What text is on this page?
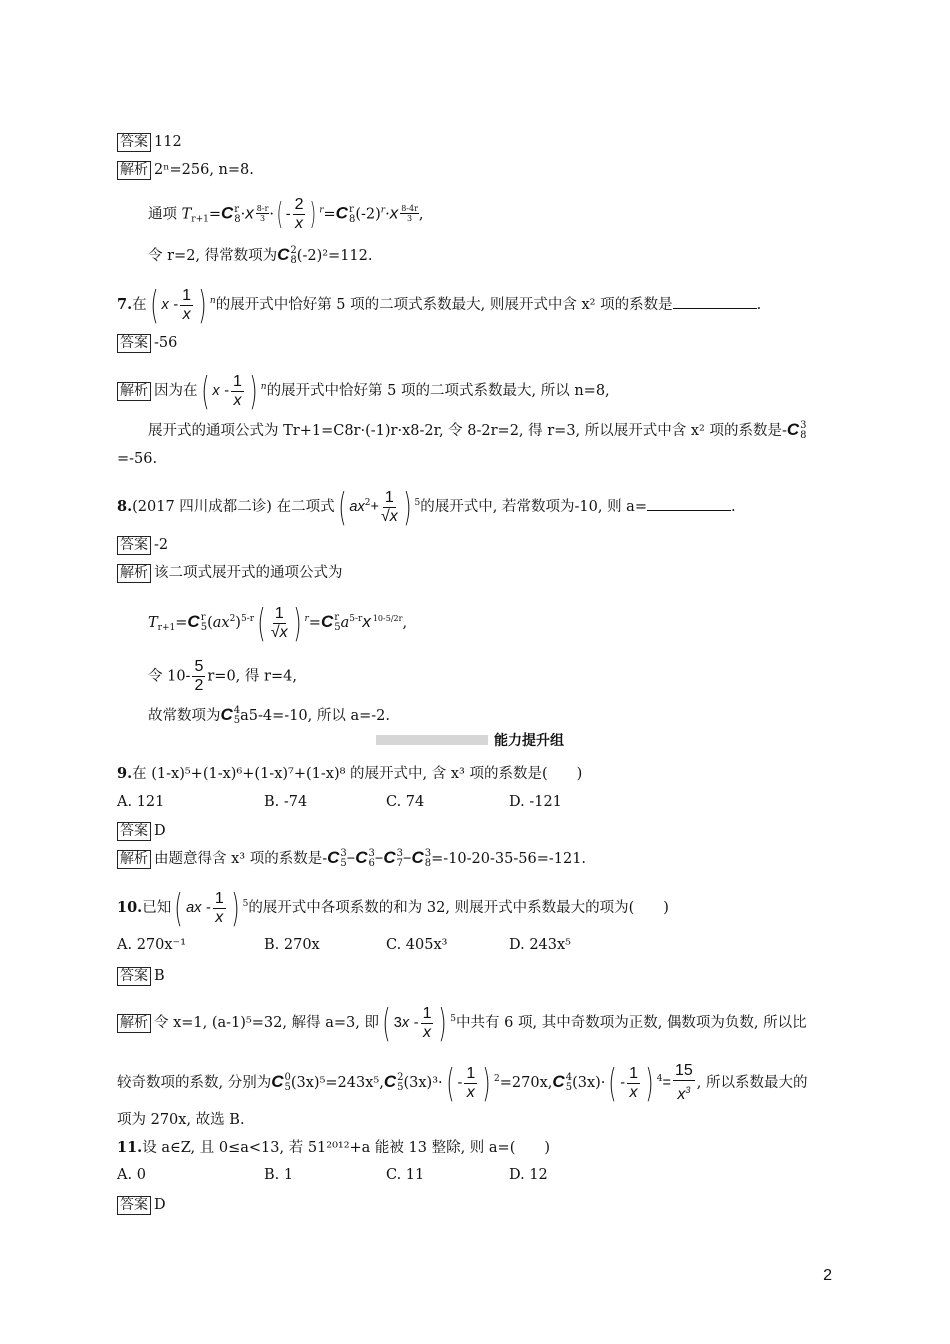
答案 112
解析 2ⁿ=256, n=8.
通项 $T_{r+1}=C$ r
$8 \cdot x \frac{8-r}{3}$ ·( - $\frac{2}{x}$ ) $^r$=C r
8 $(-2)^r\cdot x \frac{8-4r}{3}$ ,
令 r=2, 得常数项为C 2
8 (-2)²=112.
7.在( x - $\frac{1}{x}$ ) $^n$的展开式中恰好第 5 项的二项式系数最大, 则展开式中含 x² 项的系数是	.
答案 -56
解析 因为在( x - $\frac{1}{x}$ ) $^n$的展开式中恰好第 5 项的二项式系数最大, 所以 n=8,
展开式的通项公式为 Tr+1=C8r·(-1)r·x8-2r, 令 8-2r=2, 得 r=3, 所以展开式中含 x² 项的系数是-C 3
8
=-56.
8.(2017 四川成都二诊) 在二项式( $ax^2+ \frac{1}{√x}$ ) $^5$的展开式中, 若常数项为-10, 则 a=	.
答案 -2
解析 该二项式展开式的通项公式为
$T_{r+1}=C$ r
5 $(ax^2)^{5-r}( \frac{1}{√x}$ ) $^r$=C r
5 $a^{5-r}x$ 10-5/2r ,
令 $10- \frac{5}{2} r=0$, 得 r=4,
故常数项为C 4
5 a5-4=-10, 所以 a=-2.
能力提升组
9.在 (1-x)⁵+(1-x)⁶+(1-x)⁷+(1-x)⁸ 的展开式中, 含 x³ 项的系数是(　　)
A. 121	B. -74	C. 74	D. -121
答案 D
解析 由题意得含 x³ 项的系数是-C 3
5 −C 3
6 −C 3
7 −C 3
8 =-10-20-35-56=-121.
10.已知( ax - $\frac{1}{x}$ ) $^5$的展开式中各项系数的和为 32, 则展开式中系数最大的项为(　　)
A. 270x⁻¹	B. 270x	C. 405x³	D. 243x⁵
答案 B
解析 令 x=1, (a-1)⁵=32, 解得 a=3, 即( $3x - \frac{1}{x}$ ) $^5$中共有 6 项, 其中奇数项为正数, 偶数项为负数, 所以比
较奇数项的系数, 分别为C 0
5 (3x)⁵=243x⁵,C 2
5 $(3x)^3\cdot( - \frac{1}{x}$ ) $^2$=270x,C 4
5 $(3x)\cdot( - \frac{1}{x}$ ) $^4= \frac{15}{x^3}$ , 所以系数最大的
项为 270x, 故选 B.
11.设 a∈Z, 且 0≤a<13, 若 51²⁰¹²+a 能被 13 整除, 则 a=(　　)
A. 0	B. 1	C. 11	D. 12
答案 D
2
